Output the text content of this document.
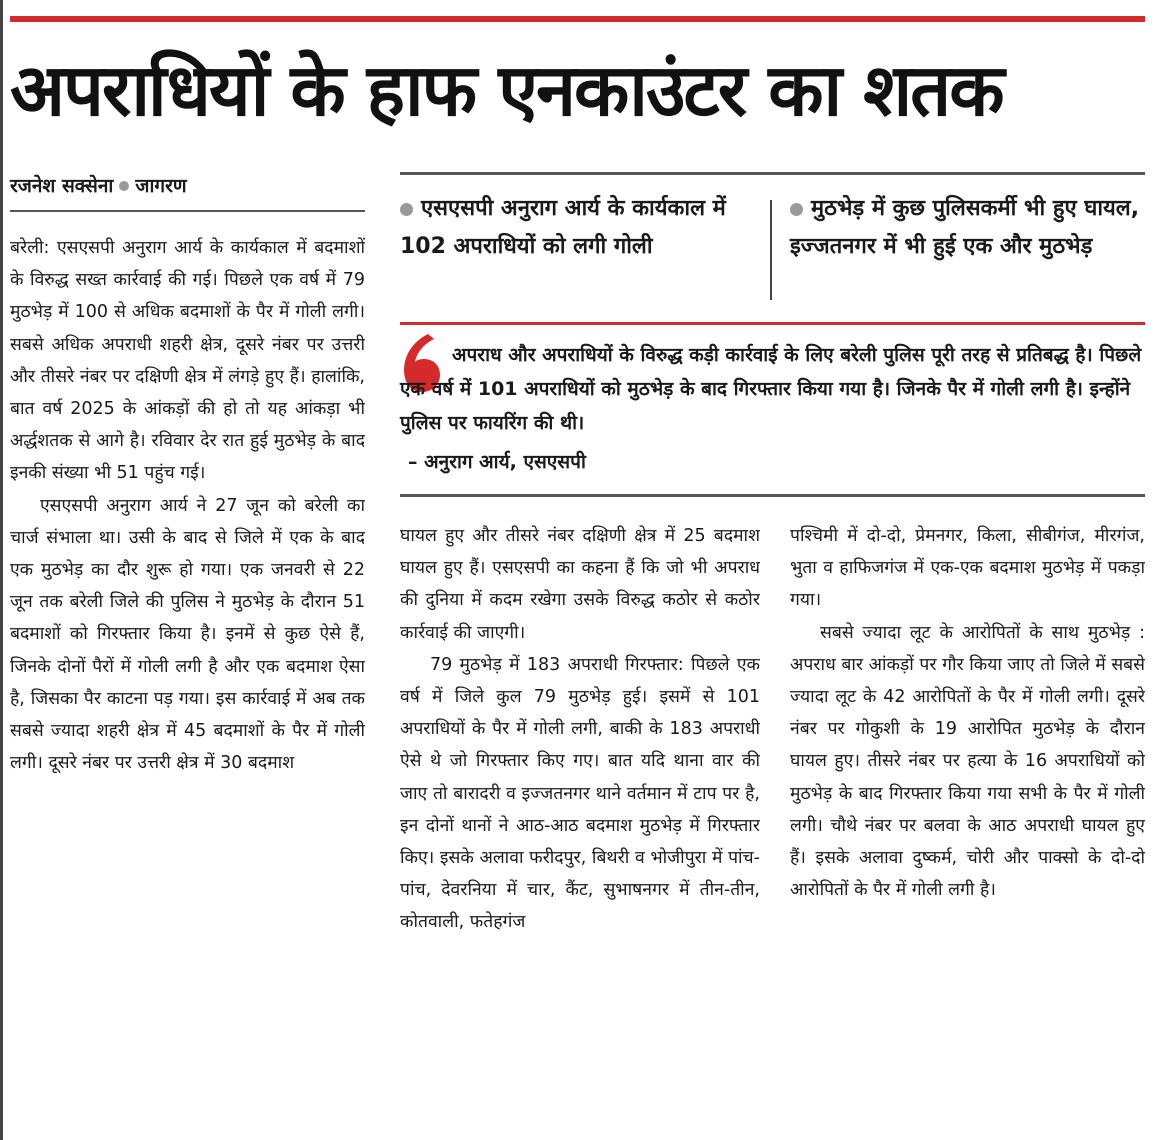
अपराधियों के हाफ एनकाउंटर का शतक
रजनेश सक्सेना जागरण
एसएसपी अनुराग आर्य के कार्यकाल में 102 अपराधियों को लगी गोली
मुठभेड़ में कुछ पुलिसकर्मी भी हुए घायल, इज्जतनगर में भी हुई एक और मुठभेड़
अपराध और अपराधियों के विरुद्ध कड़ी कार्रवाई के लिए बरेली पुलिस पूरी तरह से प्रतिबद्ध है। पिछले एक वर्ष में 101 अपराधियों को मुठभेड़ के बाद गिरफ्तार किया गया है। जिनके पैर में गोली लगी है। इन्होंने पुलिस पर फायरिंग की थी।
– अनुराग आर्य, एसएसपी

बरेली: एसएसपी अनुराग आर्य के कार्यकाल में बदमाशों के विरुद्ध सख्त कार्रवाई की गई। पिछले एक वर्ष में 79 मुठभेड़ में 100 से अधिक बदमाशों के पैर में गोली लगी। सबसे अधिक अपराधी शहरी क्षेत्र, दूसरे नंबर पर उत्तरी और तीसरे नंबर पर दक्षिणी क्षेत्र में लंगड़े हुए हैं। हालांकि, बात वर्ष 2025 के आंकड़ों की हो तो यह आंकड़ा भी अर्द्धशतक से आगे है। रविवार देर रात हुई मुठभेड़ के बाद इनकी संख्या भी 51 पहुंच गई।

एसएसपी अनुराग आर्य ने 27 जून को बरेली का चार्ज संभाला था। उसी के बाद से जिले में एक के बाद एक मुठभेड़ का दौर शुरू हो गया। एक जनवरी से 22 जून तक बरेली जिले की पुलिस ने मुठभेड़ के दौरान 51 बदमाशों को गिरफ्तार किया है। इनमें से कुछ ऐसे हैं, जिनके दोनों पैरों में गोली लगी है और एक बदमाश ऐसा है, जिसका पैर काटना पड़ गया। इस कार्रवाई में अब तक सबसे ज्यादा शहरी क्षेत्र में 45 बदमाशों के पैर में गोली लगी। दूसरे नंबर पर उत्तरी क्षेत्र में 30 बदमाश

घायल हुए और तीसरे नंबर दक्षिणी क्षेत्र में 25 बदमाश घायल हुए हैं। एसएसपी का कहना हैं कि जो भी अपराध की दुनिया में कदम रखेगा उसके विरुद्ध कठोर से कठोर कार्रवाई की जाएगी।

79 मुठभेड़ में 183 अपराधी गिरफ्तार: पिछले एक वर्ष में जिले कुल 79 मुठभेड़ हुई। इसमें से 101 अपराधियों के पैर में गोली लगी, बाकी के 183 अपराधी ऐसे थे जो गिरफ्तार किए गए। बात यदि थाना वार की जाए तो बारादरी व इज्जतनगर थाने वर्तमान में टाप पर है, इन दोनों थानों ने आठ-आठ बदमाश मुठभेड़ में गिरफ्तार किए। इसके अलावा फरीदपुर, बिथरी व भोजीपुरा में पांच-पांच, देवरनिया में चार, कैंट, सुभाषनगर में तीन-तीन, कोतवाली, फतेहगंज

पश्चिमी में दो-दो, प्रेमनगर, किला, सीबीगंज, मीरगंज, भुता व हाफिजगंज में एक-एक बदमाश मुठभेड़ में पकड़ा गया।

सबसे ज्यादा लूट के आरोपितों के साथ मुठभेड़ : अपराध बार आंकड़ों पर गौर किया जाए तो जिले में सबसे ज्यादा लूट के 42 आरोपितों के पैर में गोली लगी। दूसरे नंबर पर गोकुशी के 19 आरोपित मुठभेड़ के दौरान घायल हुए। तीसरे नंबर पर हत्या के 16 अपराधियों को मुठभेड़ के बाद गिरफ्तार किया गया सभी के पैर में गोली लगी। चौथे नंबर पर बलवा के आठ अपराधी घायल हुए हैं। इसके अलावा दुष्कर्म, चोरी और पाक्सो के दो-दो आरोपितों के पैर में गोली लगी है।
